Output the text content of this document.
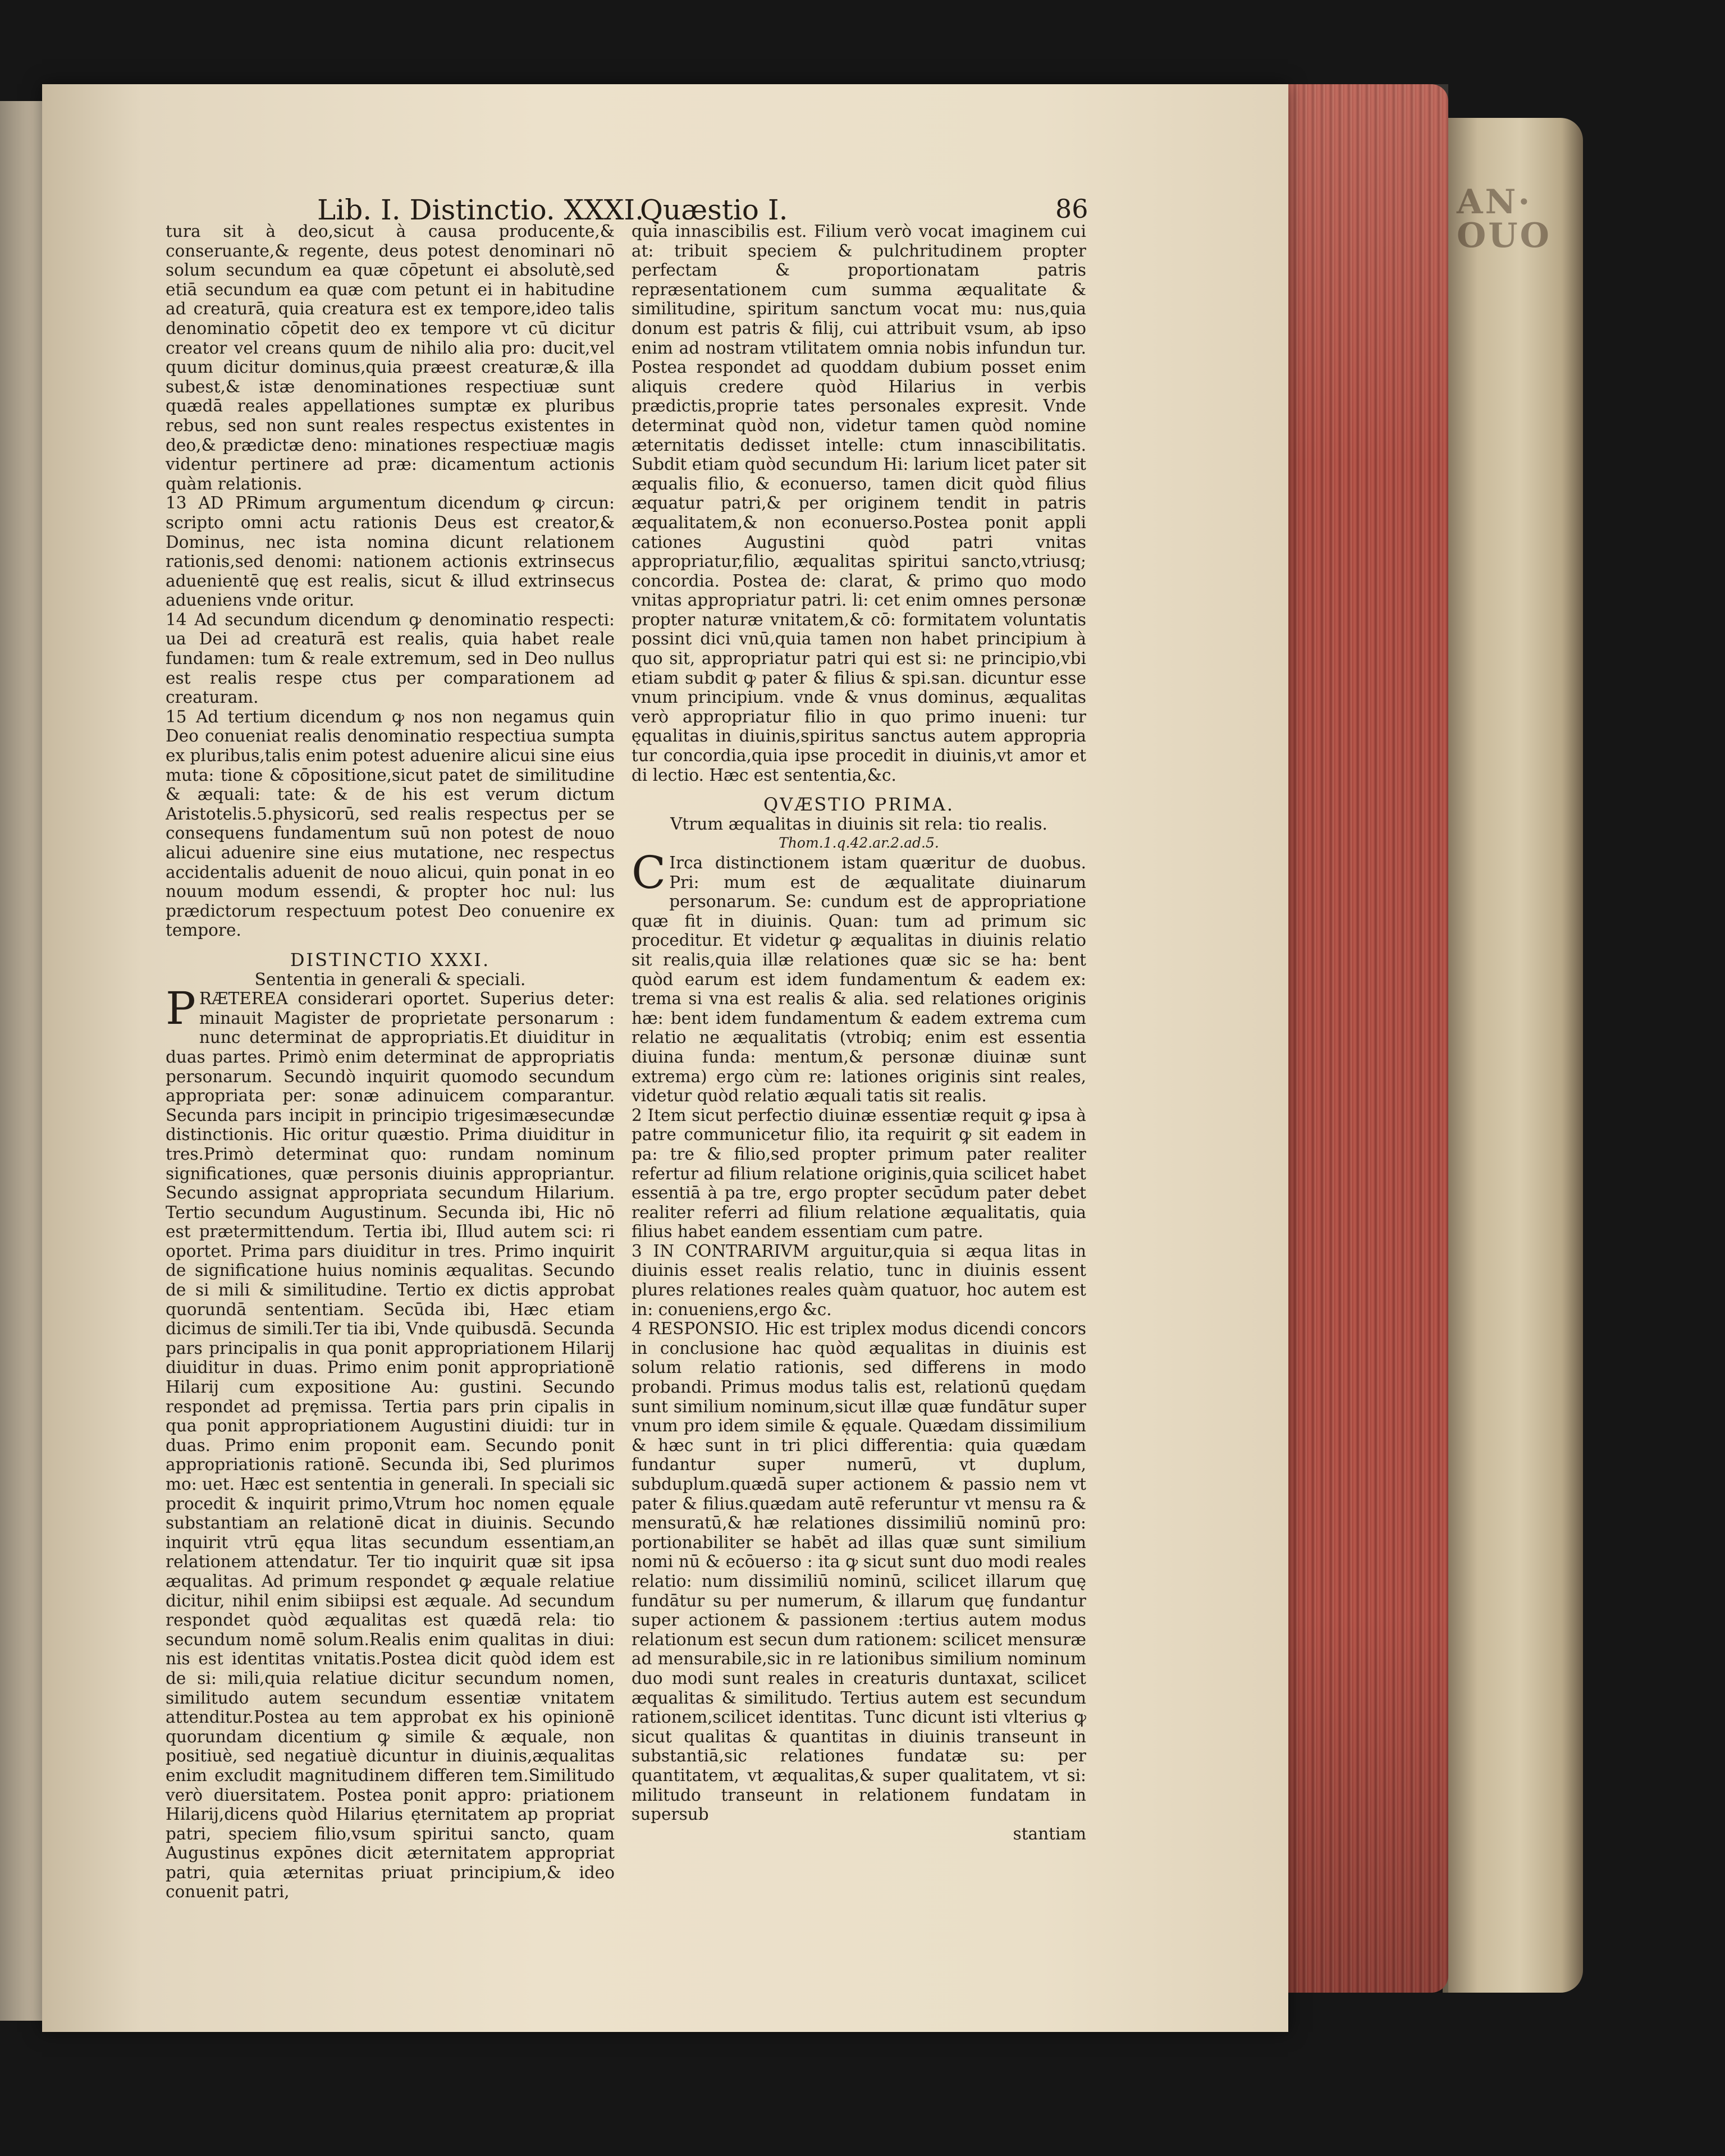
AN· OUO
Lib. I. Distinctio. XXXI.
Quæstio I.	86

tura sit à deo,sicut à causa producente,& conseruante,& regente, deus potest denominari nō solum secundum ea quæ cōpetunt ei absolutè,sed etiā secundum ea quæ com petunt ei in habitudine ad creaturā, quia creatura est ex tempore,ideo talis denominatio cōpetit deo ex tempore vt cū dicitur creator vel creans quum de nihilo alia pro: ducit,vel quum dicitur dominus,quia præest creaturæ,& illa subest,& istæ denominationes respectiuæ sunt quædā reales appellationes sumptæ ex pluribus rebus, sed non sunt reales respectus existentes in deo,& prædictæ deno: minationes respectiuæ magis videntur pertinere ad præ: dicamentum actionis quàm relationis.

13 AD PRimum argumentum dicendum ꝙ circun: scripto omni actu rationis Deus est creator,& Dominus, nec ista nomina dicunt relationem rationis,sed denomi: nationem actionis extrinsecus aduenientē quę est realis, sicut & illud extrinsecus adueniens vnde oritur.

14 Ad secundum dicendum ꝙ denominatio respecti: ua Dei ad creaturā est realis, quia habet reale fundamen: tum & reale extremum, sed in Deo nullus est realis respe ctus per comparationem ad creaturam.

15 Ad tertium dicendum ꝙ nos non negamus quin Deo conueniat realis denominatio respectiua sumpta ex pluribus,talis enim potest aduenire alicui sine eius muta: tione & cōpositione,sicut patet de similitudine & æquali: tate: & de his est verum dictum Aristotelis.5.physicorū, sed realis respectus per se consequens fundamentum suū non potest de nouo alicui aduenire sine eius mutatione, nec respectus accidentalis aduenit de nouo alicui, quin ponat in eo nouum modum essendi, & propter hoc nul: lus prædictorum respectuum potest Deo conuenire ex tempore.

DISTINCTIO XXXI.

Sententia in generali & speciali.

PRÆTEREA considerari oportet. Superius deter: minauit Magister de proprietate personarum : nunc determinat de appropriatis.Et diuiditur in duas partes. Primò enim determinat de appropriatis personarum. Secundò inquirit quomodo secundum appropriata per: sonæ adinuicem comparantur. Secunda pars incipit in principio trigesimæsecundæ distinctionis. Hic oritur quæstio. Prima diuiditur in tres.Primò determinat quo: rundam nominum significationes, quæ personis diuinis appropriantur. Secundo assignat appropriata secundum Hilarium. Tertio secundum Augustinum. Secunda ibi, Hic nō est prætermittendum. Tertia ibi, Illud autem sci: ri oportet. Prima pars diuiditur in tres. Primo inquirit de significatione huius nominis æqualitas. Secundo de si mili & similitudine. Tertio ex dictis approbat quorundā sententiam. Secūda ibi, Hæc etiam dicimus de simili.Ter tia ibi, Vnde quibusdā. Secunda pars principalis in qua ponit appropriationem Hilarij diuiditur in duas. Primo enim ponit appropriationē Hilarij cum expositione Au: gustini. Secundo respondet ad pręmissa. Tertia pars prin cipalis in qua ponit appropriationem Augustini diuidi: tur in duas. Primo enim proponit eam. Secundo ponit appropriationis rationē. Secunda ibi, Sed plurimos mo: uet. Hæc est sententia in generali. In speciali sic procedit & inquirit primo,Vtrum hoc nomen ęquale substantiam an relationē dicat in diuinis. Secundo inquirit vtrū ęqua litas secundum essentiam,an relationem attendatur. Ter tio inquirit quæ sit ipsa æqualitas. Ad primum respondet ꝙ æquale relatiue dicitur, nihil enim sibiipsi est æquale. Ad secundum respondet quòd æqualitas est quædā rela: tio secundum nomē solum.Realis enim qualitas in diui: nis est identitas vnitatis.Postea dicit quòd idem est de si: mili,quia relatiue dicitur secundum nomen, similitudo autem secundum essentiæ vnitatem attenditur.Postea au tem approbat ex his opinionē quorundam dicentium ꝙ simile & æquale, non positiuè, sed negatiuè dicuntur in diuinis,æqualitas enim excludit magnitudinem differen tem.Similitudo verò diuersitatem. Postea ponit appro: priationem Hilarij,dicens quòd Hilarius ęternitatem ap propriat patri, speciem filio,vsum spiritui sancto, quam Augustinus expōnes dicit æternitatem appropriat patri, quia æternitas priuat principium,& ideo conuenit patri,

quia innascibilis est. Filium verò vocat imaginem cui at: tribuit speciem & pulchritudinem propter perfectam & proportionatam patris repræsentationem cum summa æqualitate & similitudine, spiritum sanctum vocat mu: nus,quia donum est patris & filij, cui attribuit vsum, ab ipso enim ad nostram vtilitatem omnia nobis infundun tur. Postea respondet ad quoddam dubium posset enim aliquis credere quòd Hilarius in verbis prædictis,proprie tates personales expresit. Vnde determinat quòd non, videtur tamen quòd nomine æternitatis dedisset intelle: ctum innascibilitatis. Subdit etiam quòd secundum Hi: larium licet pater sit æqualis filio, & econuerso, tamen dicit quòd filius æquatur patri,& per originem tendit in patris æqualitatem,& non econuerso.Postea ponit appli cationes Augustini quòd patri vnitas appropriatur,filio, æqualitas spiritui sancto,vtriusq; concordia. Postea de: clarat, & primo quo modo vnitas appropriatur patri. li: cet enim omnes personæ propter naturæ vnitatem,& cō: formitatem voluntatis possint dici vnū,quia tamen non habet principium à quo sit, appropriatur patri qui est si: ne principio,vbi etiam subdit ꝙ pater & filius & spi.san. dicuntur esse vnum principium. vnde & vnus dominus, æqualitas verò appropriatur filio in quo primo inueni: tur ęqualitas in diuinis,spiritus sanctus autem appropria tur concordia,quia ipse procedit in diuinis,vt amor et di lectio. Hæc est sententia,&c.

QVÆSTIO PRIMA.

Vtrum æqualitas in diuinis sit rela: tio realis.

Thom.1.q.42.ar.2.ad.5.

CIrca distinctionem istam quæritur de duobus. Pri: mum est de æqualitate diuinarum personarum. Se: cundum est de appropriatione quæ fit in diuinis. Quan: tum ad primum sic proceditur. Et videtur ꝙ æqualitas in diuinis relatio sit realis,quia illæ relationes quæ sic se ha: bent quòd earum est idem fundamentum & eadem ex: trema si vna est realis & alia. sed relationes originis hæ: bent idem fundamentum & eadem extrema cum relatio ne æqualitatis (vtrobiq; enim est essentia diuina funda: mentum,& personæ diuinæ sunt extrema) ergo cùm re: lationes originis sint reales, videtur quòd relatio æquali tatis sit realis.

2 Item sicut perfectio diuinæ essentiæ requit ꝙ ipsa à patre communicetur filio, ita requirit ꝙ sit eadem in pa: tre & filio,sed propter primum pater realiter refertur ad filium relatione originis,quia scilicet habet essentiā à pa tre, ergo propter secūdum pater debet realiter referri ad filium relatione æqualitatis, quia filius habet eandem essentiam cum patre.

3 IN CONTRARIVM arguitur,quia si æqua litas in diuinis esset realis relatio, tunc in diuinis essent plures relationes reales quàm quatuor, hoc autem est in: conueniens,ergo &c.

4 RESPONSIO. Hic est triplex modus dicendi concors in conclusione hac quòd æqualitas in diuinis est solum relatio rationis, sed differens in modo probandi. Primus modus talis est, relationū quędam sunt similium nominum,sicut illæ quæ fundātur super vnum pro idem simile & ęquale. Quædam dissimilium & hæc sunt in tri plici differentia: quia quædam fundantur super numerū, vt duplum, subduplum.quædā super actionem & passio nem vt pater & filius.quædam autē referuntur vt mensu ra & mensuratū,& hæ relationes dissimiliū nominū pro: portionabiliter se habēt ad illas quæ sunt similium nomi nū & ecōuerso : ita ꝙ sicut sunt duo modi reales relatio: num dissimiliū nominū, scilicet illarum quę fundātur su per numerum, & illarum quę fundantur super actionem & passionem :tertius autem modus relationum est secun dum rationem: scilicet mensuræ ad mensurabile,sic in re lationibus similium nominum duo modi sunt reales in creaturis duntaxat, scilicet æqualitas & similitudo. Tertius autem est secundum rationem,scilicet identitas. Tunc dicunt isti vlterius ꝙ sicut qualitas & quantitas in diuinis transeunt in substantiā,sic relationes fundatæ su: per quantitatem, vt æqualitas,& super qualitatem, vt si: militudo transeunt in relationem fundatam in supersub

stantiam
